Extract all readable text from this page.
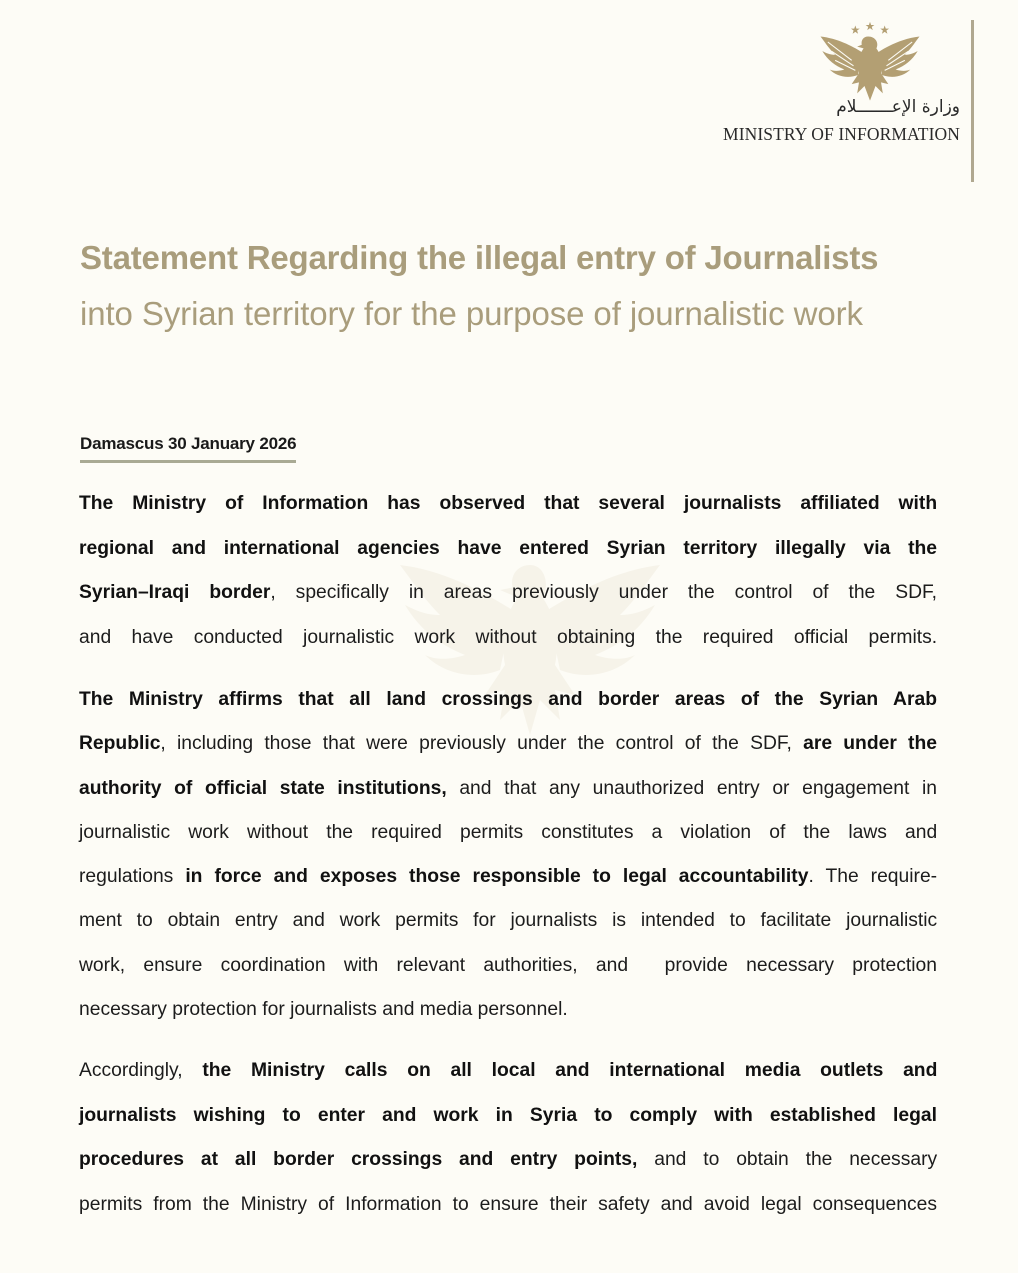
وزارة الإعـــــــلام
MINISTRY OF INFORMATION
Statement Regarding the illegal entry of Journalists
into Syrian territory for the purpose of journalistic work
Damascus 30 January 2026
The Ministry of Information has observed that several journalists affiliated with
regional and international agencies have entered Syrian territory illegally via the
Syrian–Iraqi border, specifically in areas previously under the control of the SDF,
and have conducted journalistic work without obtaining the required official permits.
The Ministry affirms that all land crossings and border areas of the Syrian Arab
Republic, including those that were previously under the control of the SDF, are under the
authority of official state institutions, and that any unauthorized entry or engagement in
journalistic work without the required permits constitutes a violation of the laws and
regulations in force and exposes those responsible to legal accountability. The require-
ment to obtain entry and work permits for journalists is intended to facilitate journalistic
work, ensure coordination with relevant authorities, and  provide necessary protection
necessary protection for journalists and media personnel.
Accordingly, the Ministry calls on all local and international media outlets and
journalists wishing to enter and work in Syria to comply with established legal
procedures at all border crossings and entry points, and to obtain the necessary
permits from the Ministry of Information to ensure their safety and avoid legal consequences
